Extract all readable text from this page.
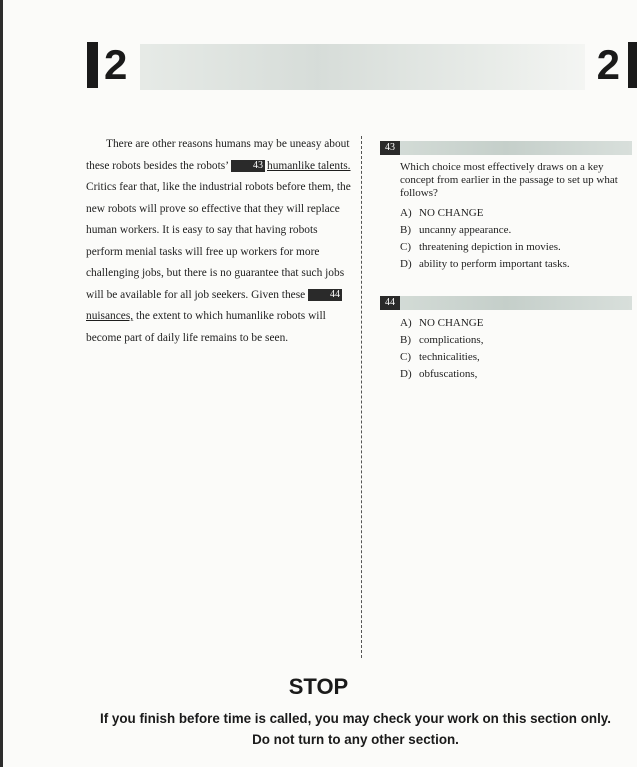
2	2

There are other reasons humans may be uneasy about these robots besides the robots’ 43 humanlike talents. Critics fear that, like the industrial robots before them, the new robots will prove so effective that they will replace human workers. It is easy to say that having robots perform menial tasks will free up workers for more challenging jobs, but there is no guarantee that such jobs will be available for all job seekers. Given these 44nuisances, the extent to which humanlike robots will become part of daily life remains to be seen.

43
Which choice most effectively draws on a key concept from earlier in the passage to set up what follows?
A) NO CHANGE
B) uncanny appearance.
C) threatening depiction in movies.
D) ability to perform important tasks.
44
A) NO CHANGE
B) complications,
C) technicalities,
D) obfuscations,
STOP
If you finish before time is called, you may check your work on this section only.
Do not turn to any other section.
